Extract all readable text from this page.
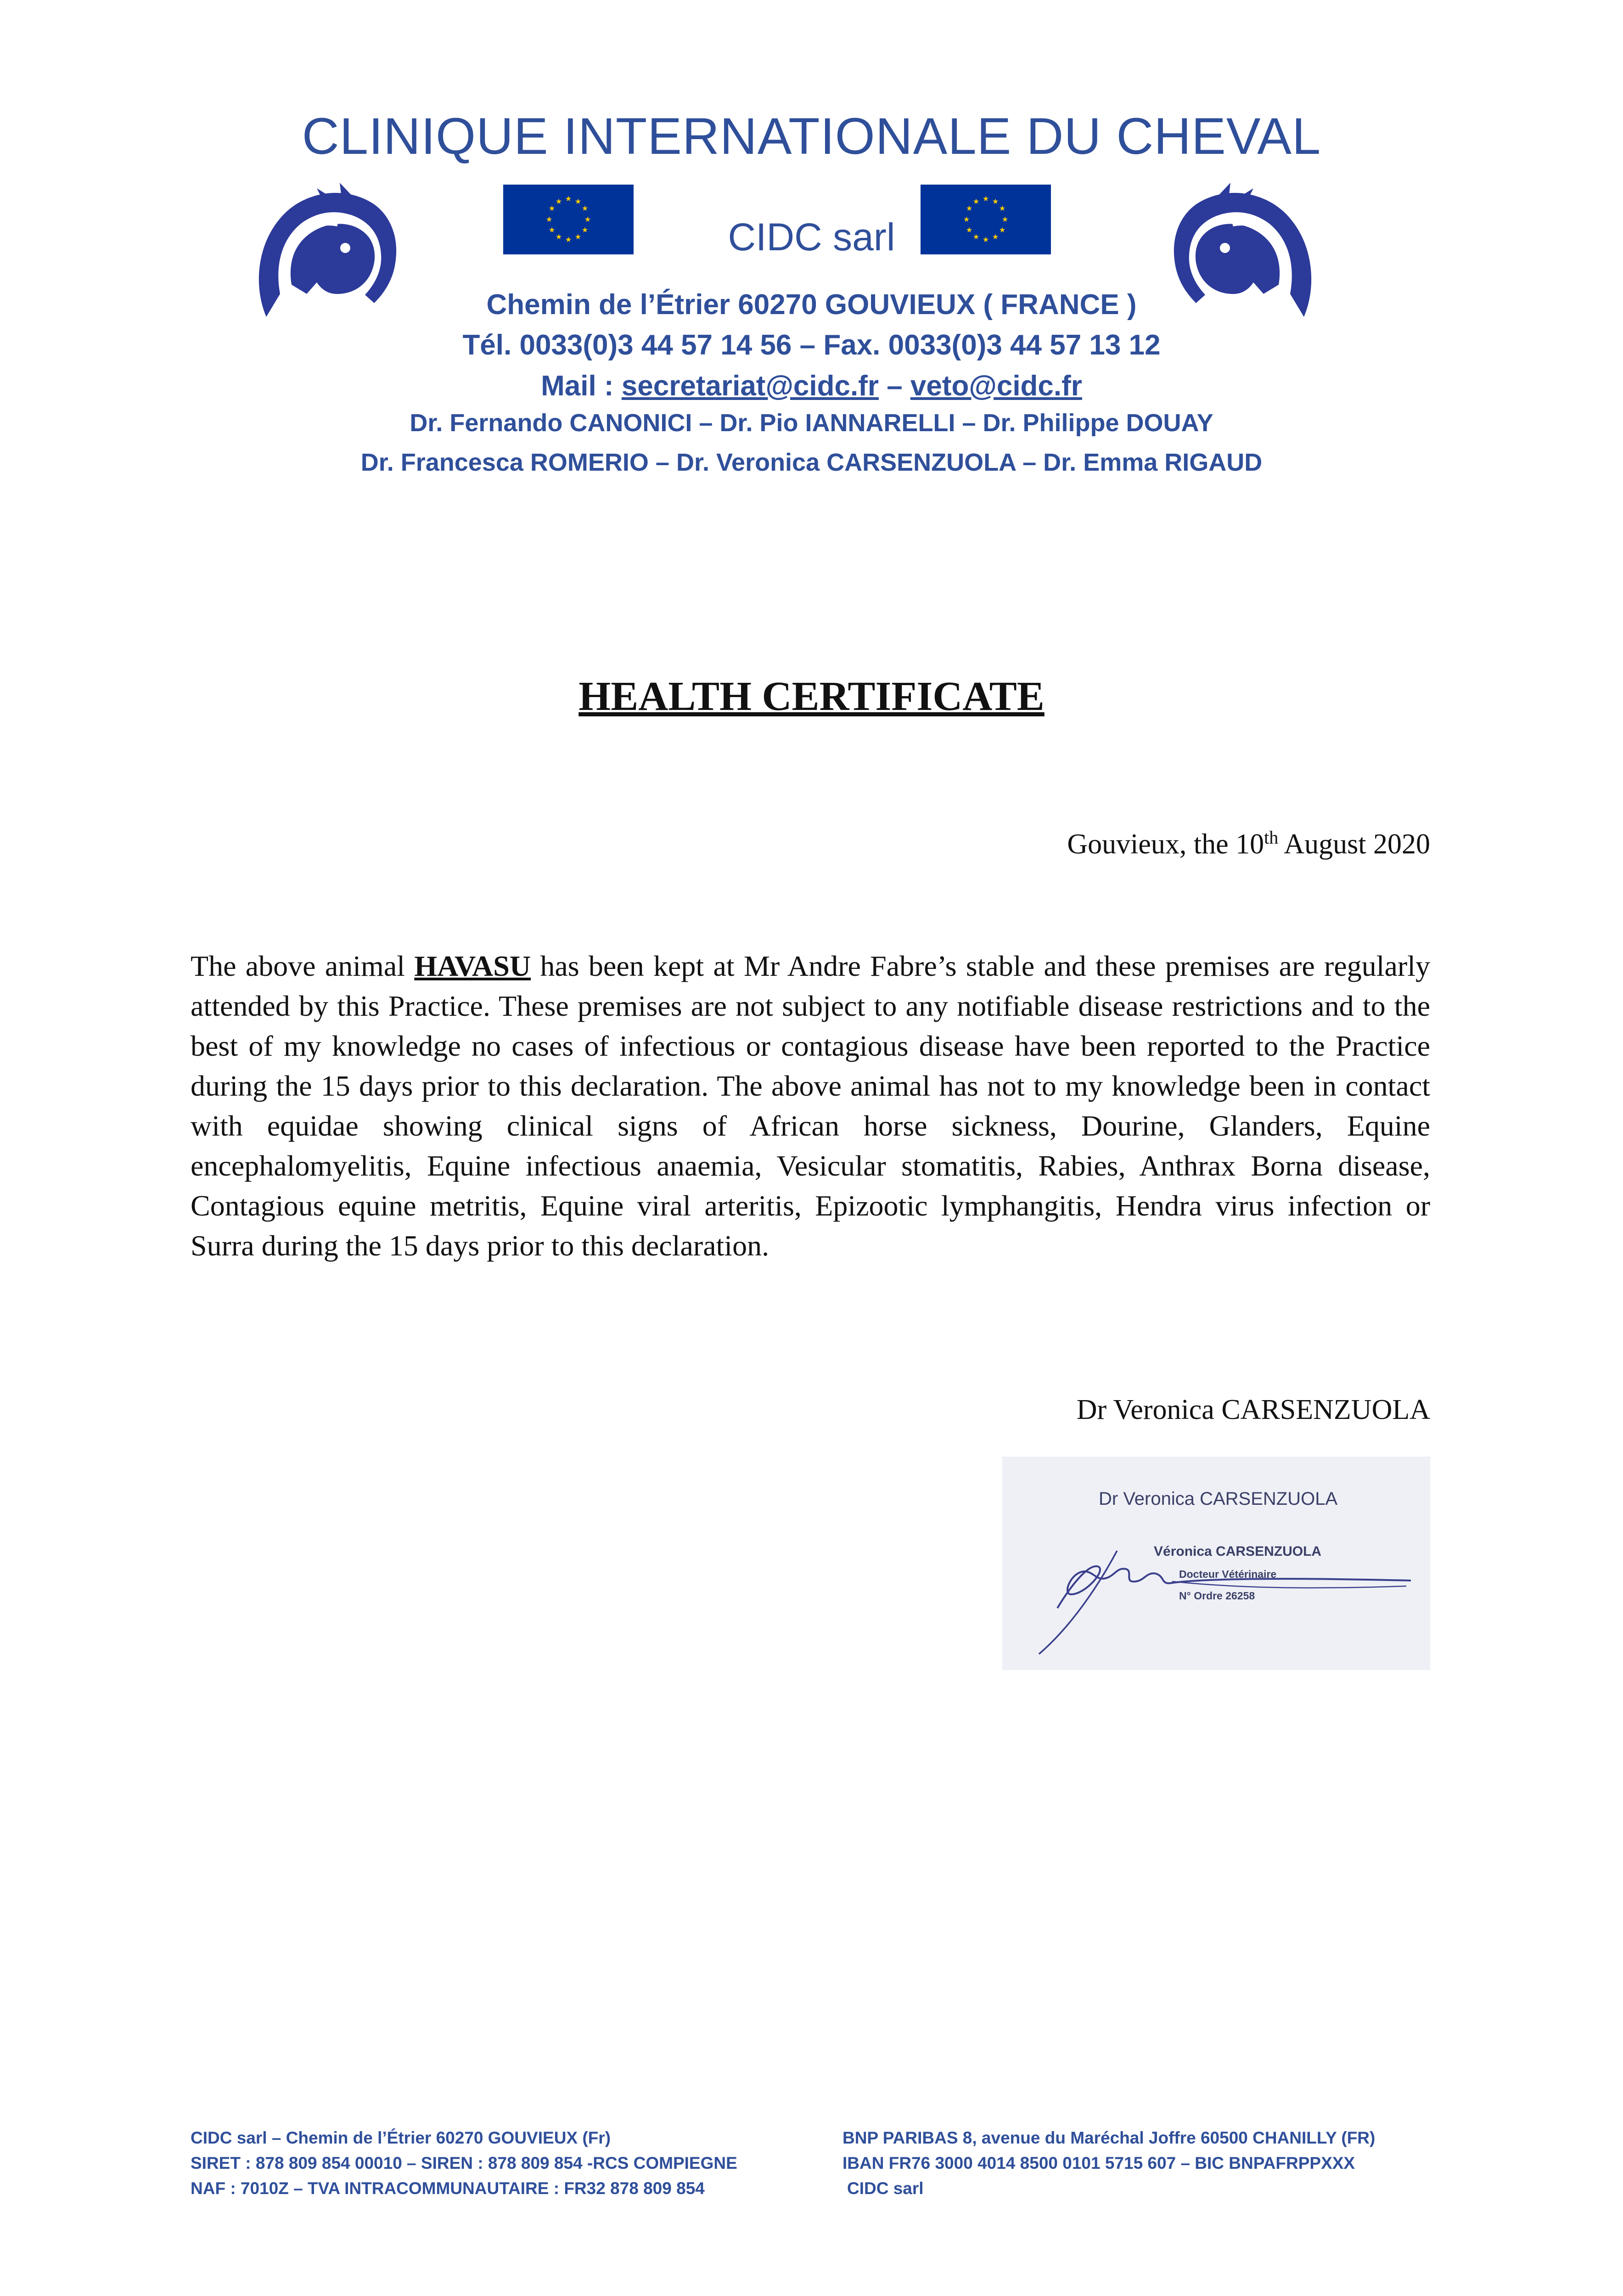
CLINIQUE INTERNATIONALE DU CHEVAL
★ ★
★
★
★
★
★
★
★
★
★
★	★ ★
★
★
★
★
★
★
★
★
★
★
CIDC sarl
Chemin de l’Étrier 60270 GOUVIEUX ( FRANCE )
Tél. 0033(0)3 44 57 14 56 – Fax. 0033(0)3 44 57 13 12
Mail : secretariat@cidc.fr – veto@cidc.fr
Dr. Fernando CANONICI – Dr. Pio IANNARELLI – Dr. Philippe DOUAY
Dr. Francesca ROMERIO – Dr. Veronica CARSENZUOLA – Dr. Emma RIGAUD
HEALTH CERTIFICATE
Gouvieux, the 10th August 2020
The above animal HAVASU has been kept at Mr Andre Fabre’s stable and these premises are regularly attended by this Practice. These premises are not subject to any notifiable disease restrictions and to the best of my knowledge no cases of infectious or contagious disease have been reported to the Practice during the 15 days prior to this declaration. The above animal has not to my knowledge been in contact with equidae showing clinical signs of African horse sickness, Dourine, Glanders, Equine encephalomyelitis, Equine infectious anaemia, Vesicular stomatitis, Rabies, Anthrax Borna disease, Contagious equine metritis, Equine viral arteritis, Epizootic lymphangitis, Hendra virus infection or Surra during the 15 days prior to this declaration.
Dr Veronica CARSENZUOLA
Dr Veronica CARSENZUOLA
Véronica CARSENZUOLA
Docteur Vétérinaire
N° Ordre 26258
CIDC sarl – Chemin de l’Étrier 60270 GOUVIEUX (Fr)
SIRET : 878 809 854 00010 – SIREN : 878 809 854 -RCS COMPIEGNE
NAF : 7010Z – TVA INTRACOMMUNAUTAIRE : FR32 878 809 854
BNP PARIBAS 8, avenue du Maréchal Joffre 60500 CHANILLY (FR)
IBAN FR76 3000 4014 8500 0101 5715 607 – BIC BNPAFRPPXXX
CIDC sarl
